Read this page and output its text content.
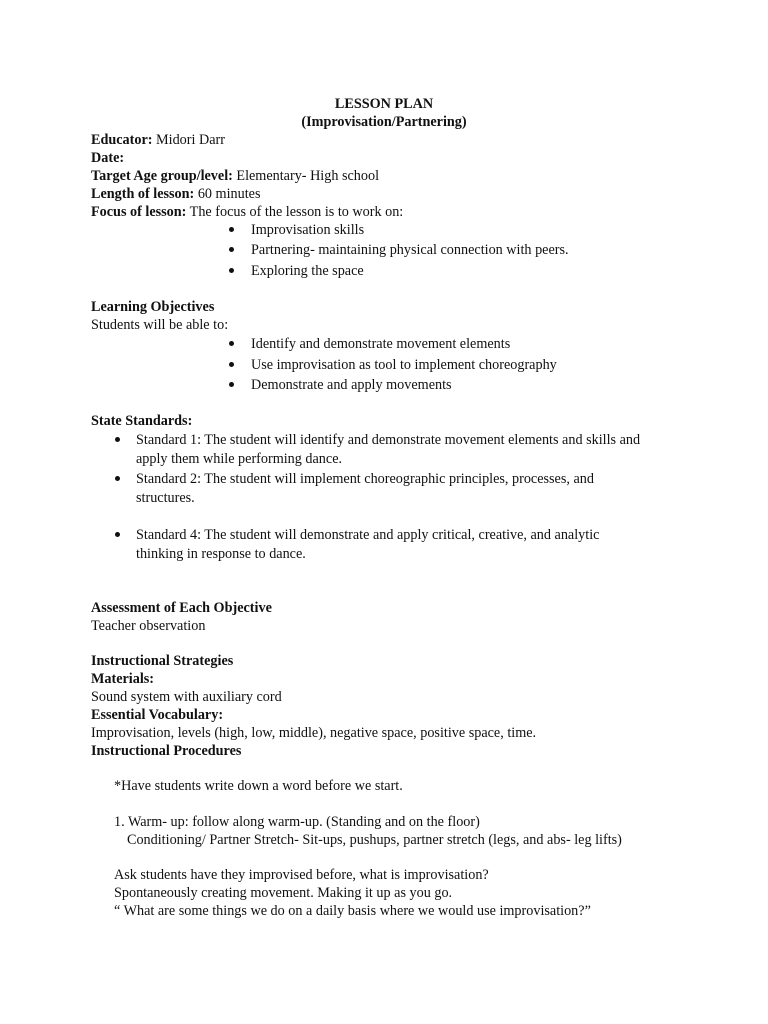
LESSON PLAN
(Improvisation/Partnering)
Educator: Midori Darr
Date:
Target Age group/level: Elementary- High school
Length of lesson: 60 minutes
Focus of lesson: The focus of the lesson is to work on:
Improvisation skills
Partnering- maintaining physical connection with peers.
Exploring the space
Learning Objectives
Students will be able to:
Identify and demonstrate movement elements
Use improvisation as tool to implement choreography
Demonstrate and apply movements
State Standards:
Standard 1: The student will identify and demonstrate movement elements and skills and
apply them while performing dance.
Standard 2: The student will implement choreographic principles, processes, and
structures.
Standard 4: The student will demonstrate and apply critical, creative, and analytic
thinking in response to dance.
Assessment of Each Objective
Teacher observation
Instructional Strategies
Materials:
Sound system with auxiliary cord
Essential Vocabulary:
Improvisation, levels (high, low, middle), negative space, positive space, time.
Instructional Procedures
*Have students write down a word before we start.
1. Warm- up: follow along warm-up. (Standing and on the floor)
Conditioning/ Partner Stretch- Sit-ups, pushups, partner stretch (legs, and abs- leg lifts)
Ask students have they improvised before, what is improvisation?
Spontaneously creating movement. Making it up as you go.
“ What are some things we do on a daily basis where we would use improvisation?”
